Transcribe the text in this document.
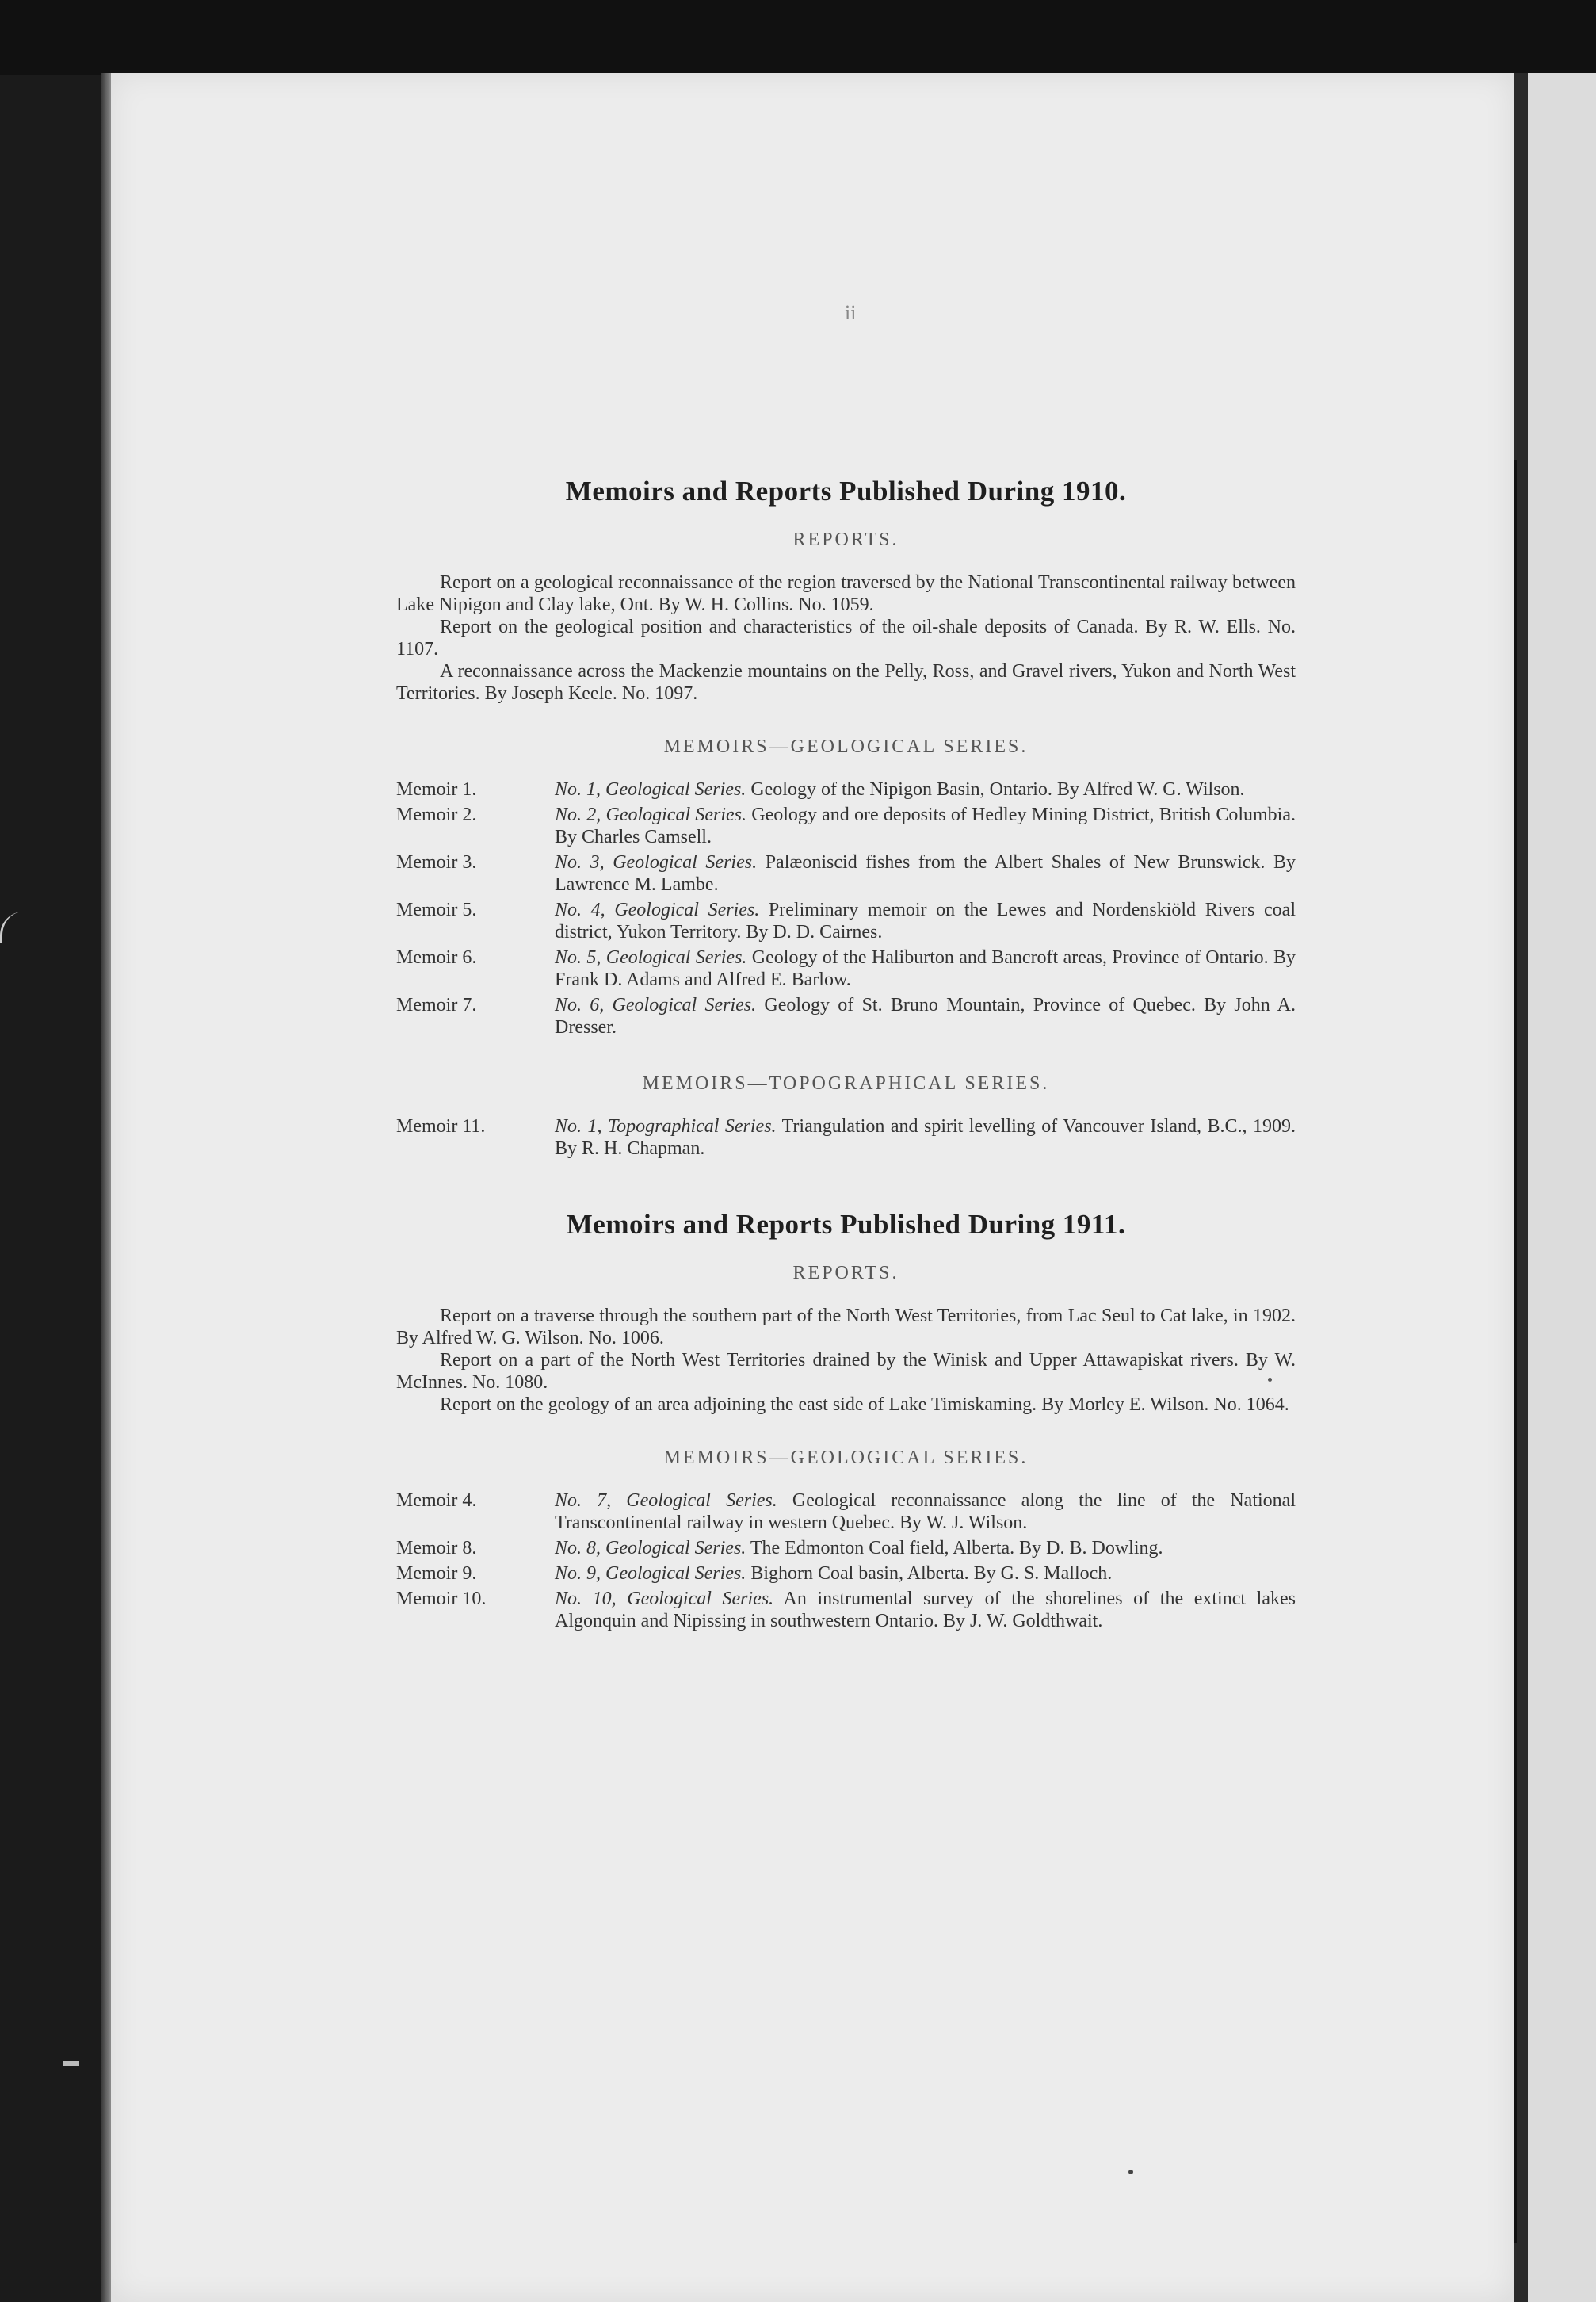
ii
Memoirs and Reports Published During 1910.
REPORTS.

Report on a geological reconnaissance of the region traversed by the National Transcontinental railway between Lake Nipigon and Clay lake, Ont. By W. H. Collins. No. 1059.

Report on the geological position and characteristics of the oil-shale deposits of Canada. By R. W. Ells. No. 1107.

A reconnaissance across the Mackenzie mountains on the Pelly, Ross, and Gravel rivers, Yukon and North West Territories. By Joseph Keele. No. 1097.

MEMOIRS—GEOLOGICAL SERIES.
Memoir 1.	No. 1, Geological Series. Geology of the Nipigon Basin, Ontario. By Alfred W. G. Wilson.
Memoir 2.	No. 2, Geological Series. Geology and ore deposits of Hedley Mining District, British Columbia. By Charles Camsell.
Memoir 3.	No. 3, Geological Series. Palæoniscid fishes from the Albert Shales of New Brunswick. By Lawrence M. Lambe.
Memoir 5.	No. 4, Geological Series. Preliminary memoir on the Lewes and Nordenskiöld Rivers coal district, Yukon Territory. By D. D. Cairnes.
Memoir 6.	No. 5, Geological Series. Geology of the Haliburton and Bancroft areas, Province of Ontario. By Frank D. Adams and Alfred E. Barlow.
Memoir 7.	No. 6, Geological Series. Geology of St. Bruno Mountain, Province of Quebec. By John A. Dresser.
MEMOIRS—TOPOGRAPHICAL SERIES.
Memoir 11.	No. 1, Topographical Series. Triangulation and spirit levelling of Vancouver Island, B.C., 1909. By R. H. Chapman.
Memoirs and Reports Published During 1911.
REPORTS.

Report on a traverse through the southern part of the North West Territories, from Lac Seul to Cat lake, in 1902. By Alfred W. G. Wilson. No. 1006.

Report on a part of the North West Territories drained by the Winisk and Upper Attawapiskat rivers. By W. McInnes. No. 1080.

Report on the geology of an area adjoining the east side of Lake Timiskaming. By Morley E. Wilson. No. 1064.

MEMOIRS—GEOLOGICAL SERIES.
Memoir 4.	No. 7, Geological Series. Geological reconnaissance along the line of the National Transcontinental railway in western Quebec. By W. J. Wilson.
Memoir 8.	No. 8, Geological Series. The Edmonton Coal field, Alberta. By D. B. Dowling.
Memoir 9.	No. 9, Geological Series. Bighorn Coal basin, Alberta. By G. S. Malloch.
Memoir 10.	No. 10, Geological Series. An instrumental survey of the shorelines of the extinct lakes Algonquin and Nipissing in southwestern Ontario. By J. W. Goldthwait.
